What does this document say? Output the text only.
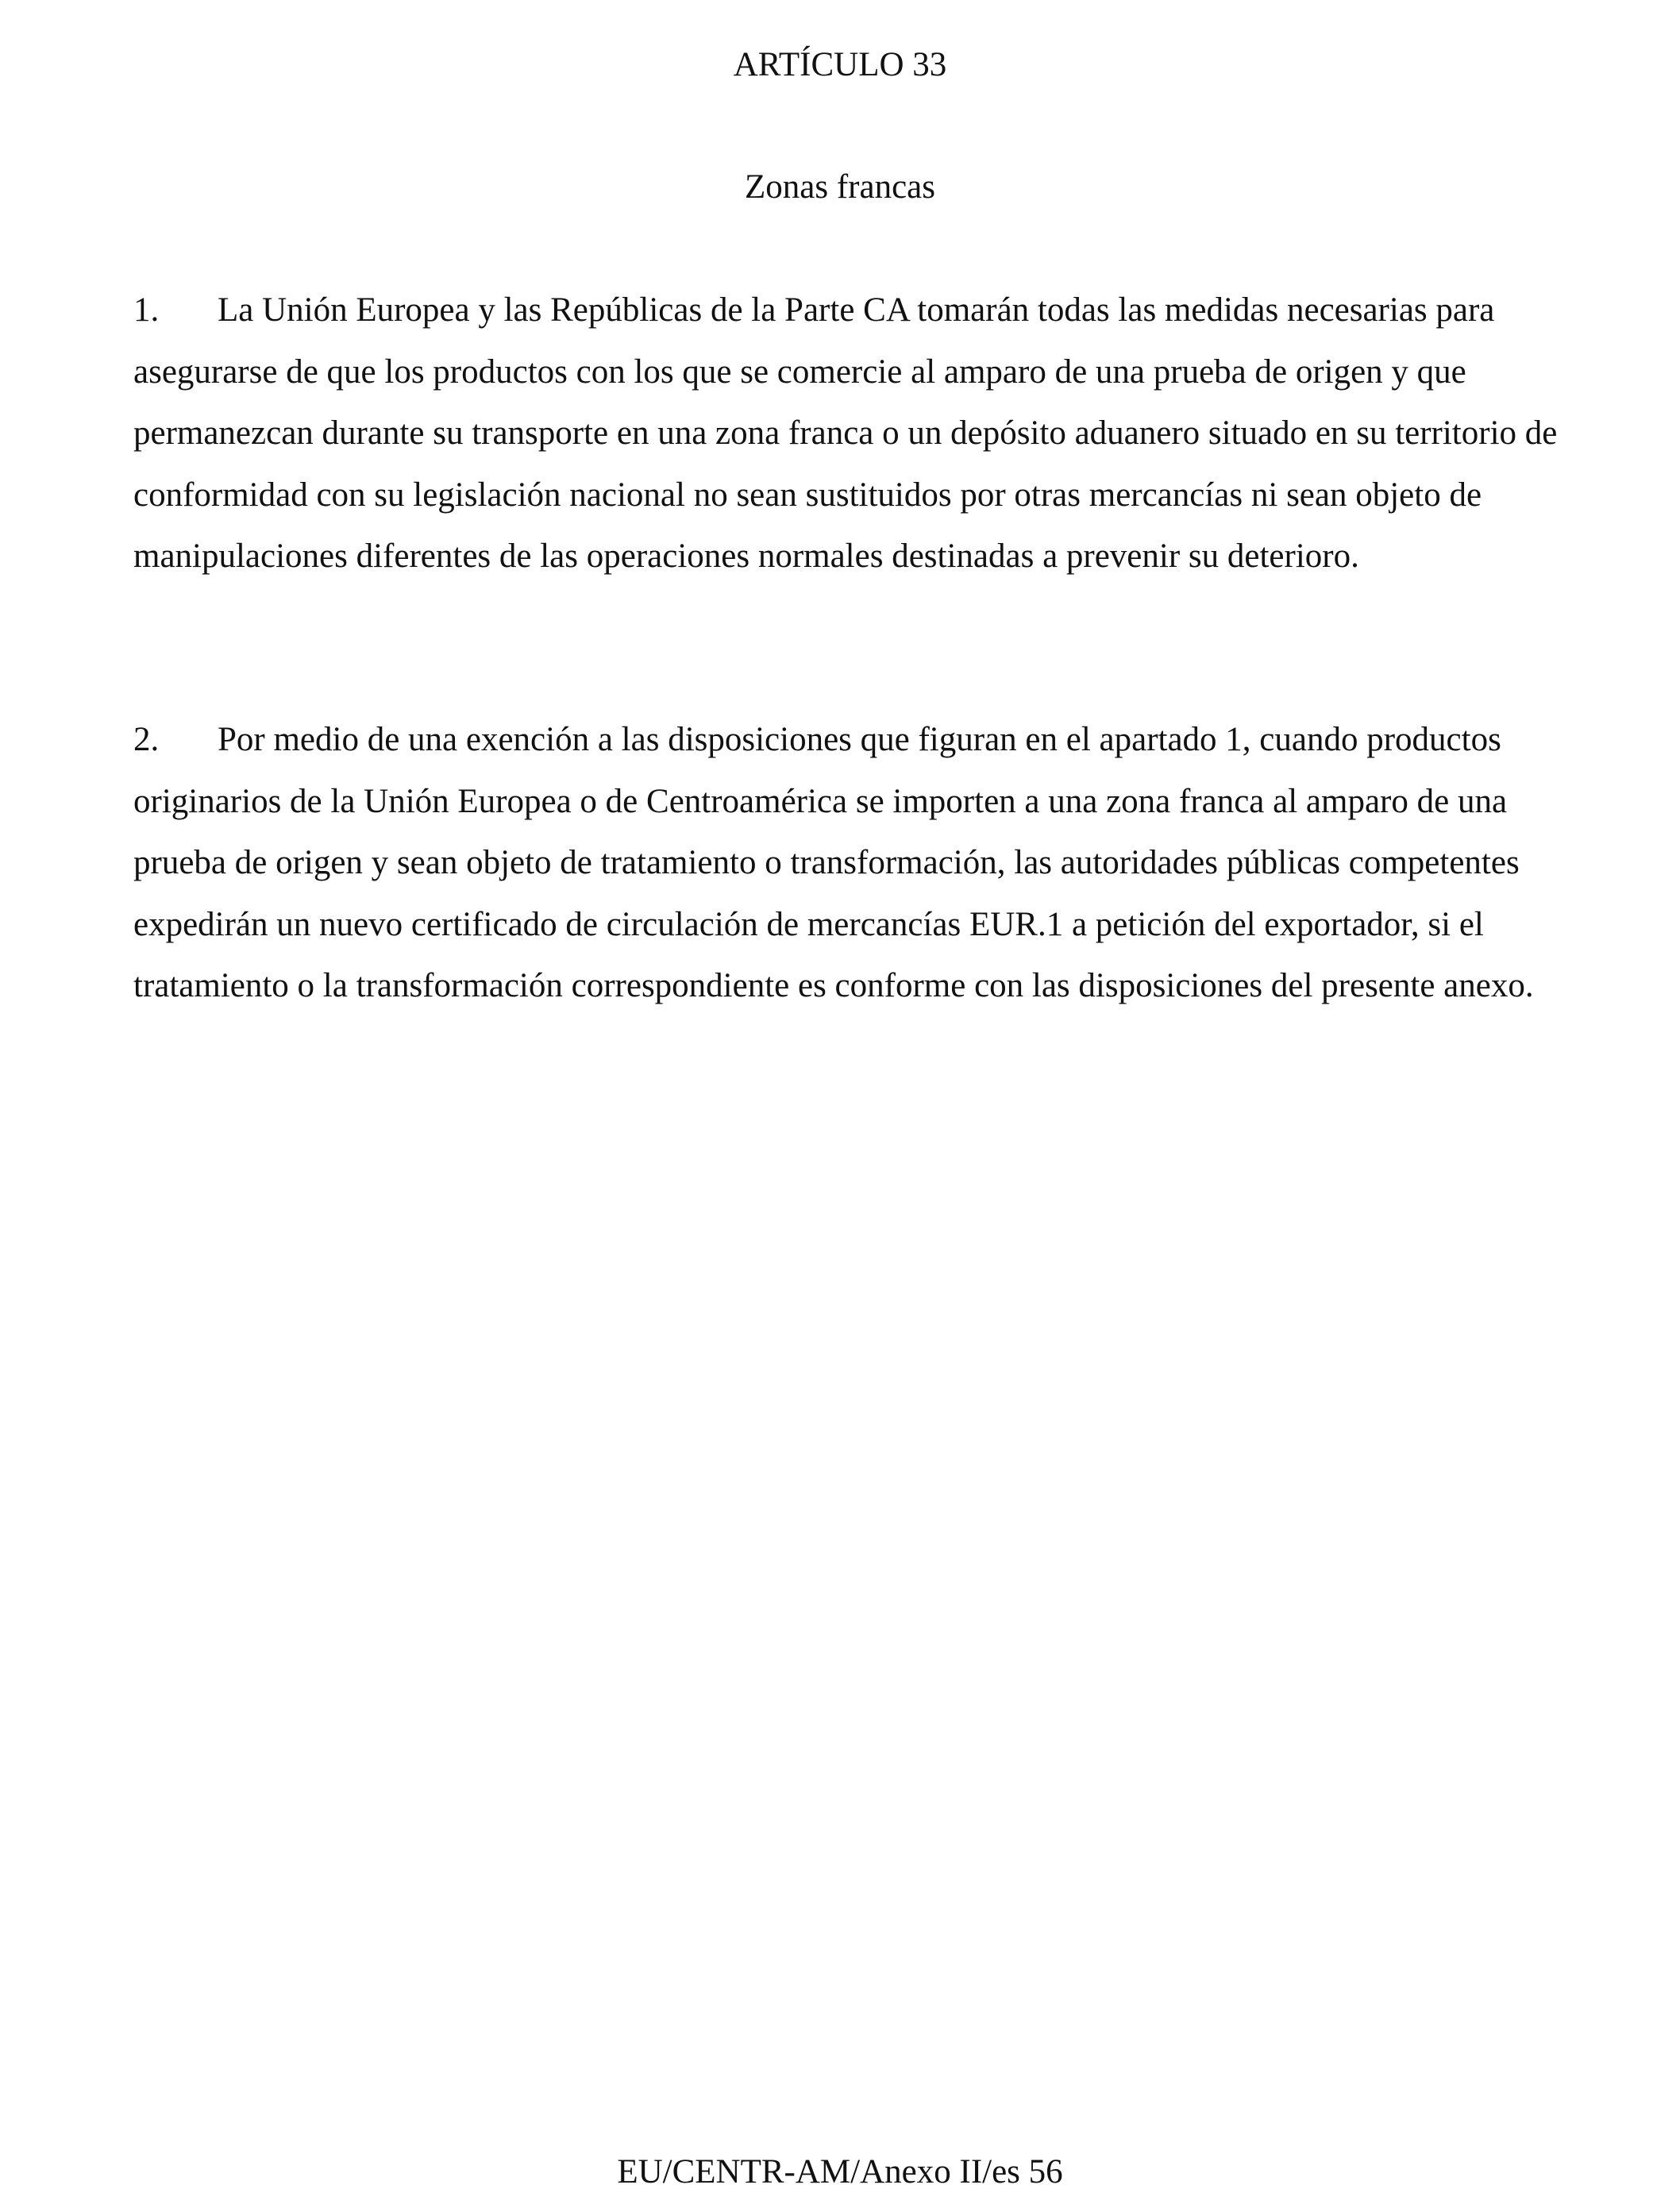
ARTÍCULO 33
Zonas francas

1. La Unión Europea y las Repúblicas de la Parte CA tomarán todas las medidas necesarias para asegurarse de que los productos con los que se comercie al amparo de una prueba de origen y que permanezcan durante su transporte en una zona franca o un depósito aduanero situado en su territorio de conformidad con su legislación nacional no sean sustituidos por otras mercancías ni sean objeto de manipulaciones diferentes de las operaciones normales destinadas a prevenir su deterioro.

2. Por medio de una exención a las disposiciones que figuran en el apartado 1, cuando productos originarios de la Unión Europea o de Centroamérica se importen a una zona franca al amparo de una prueba de origen y sean objeto de tratamiento o transformación, las autoridades públicas competentes expedirán un nuevo certificado de circulación de mercancías EUR.1 a petición del exportador, si el tratamiento o la transformación correspondiente es conforme con las disposiciones del presente anexo.

EU/CENTR-AM/Anexo II/es 56
